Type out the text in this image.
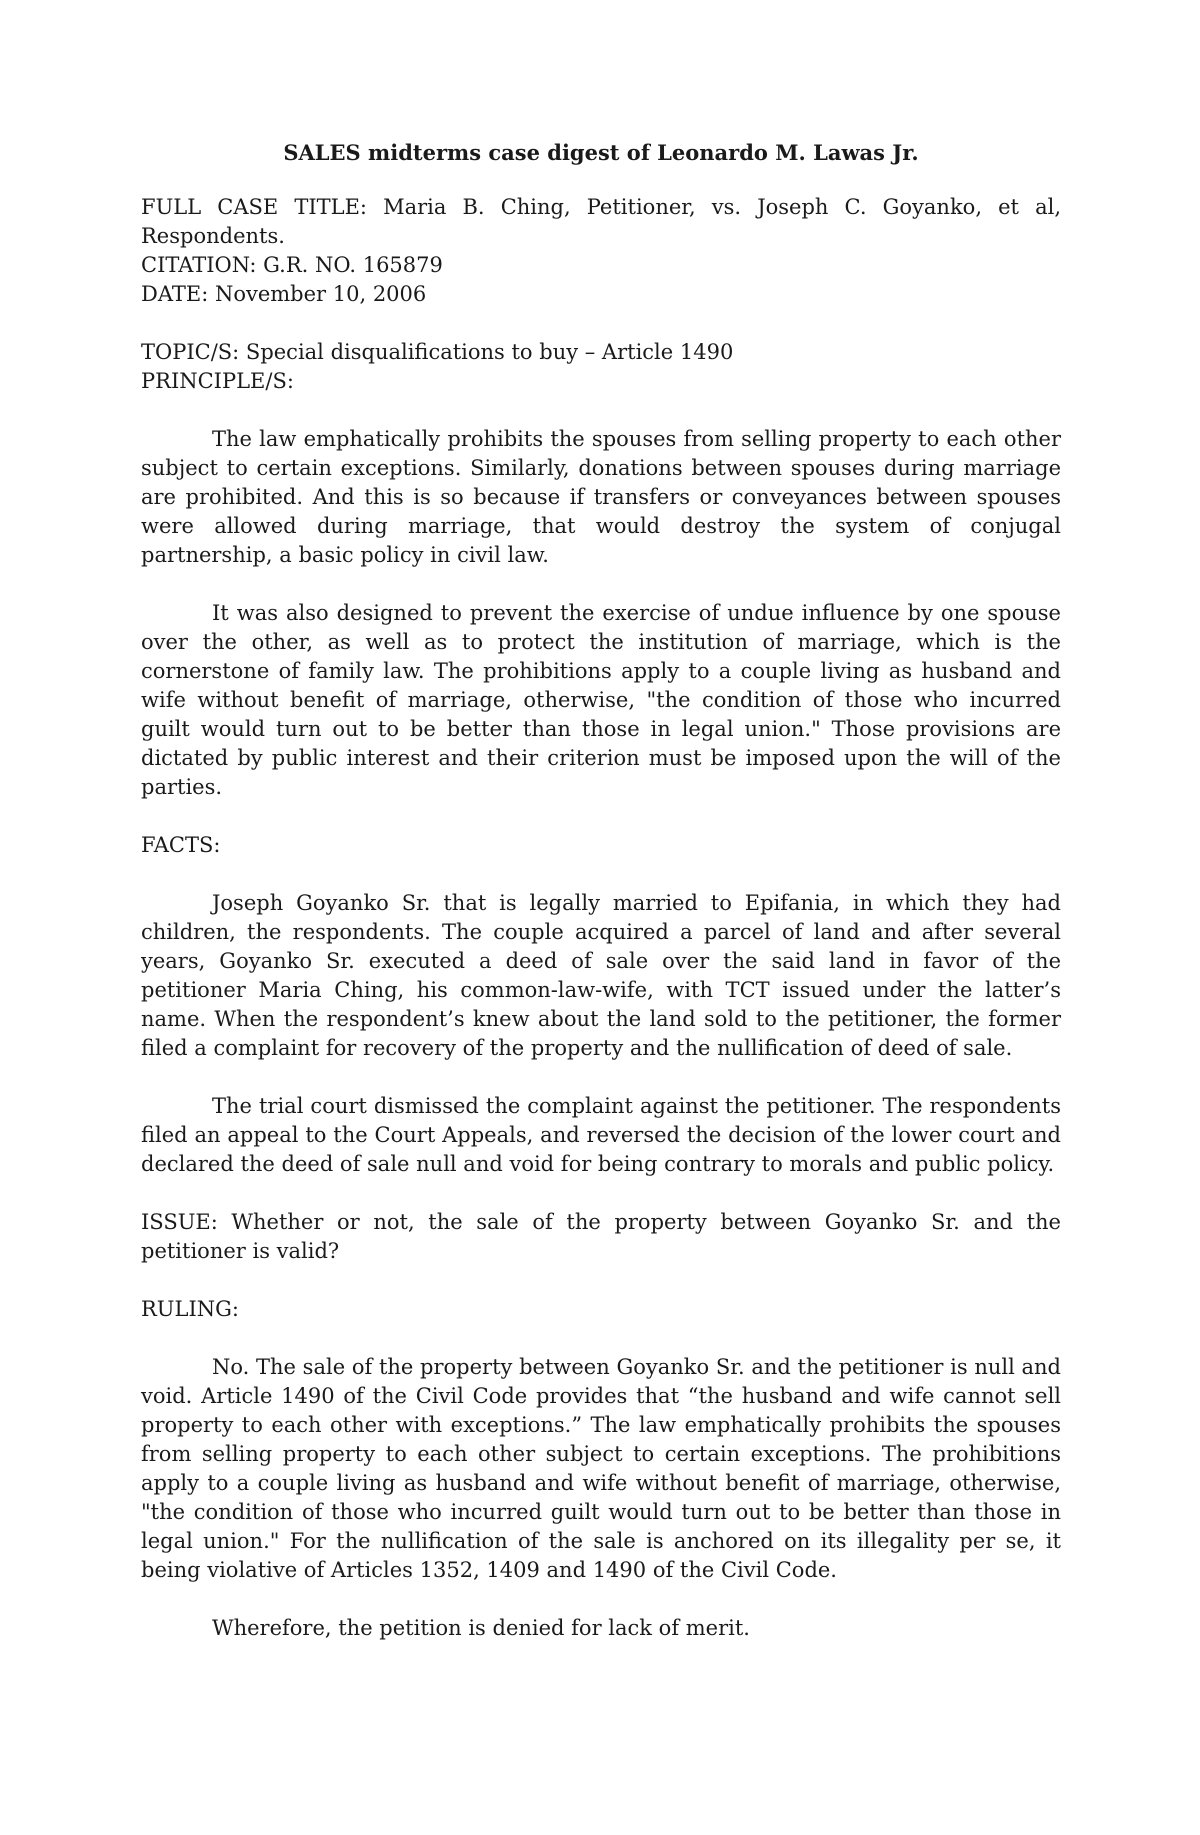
SALES midterms case digest of Leonardo M. Lawas Jr.

FULL CASE TITLE: Maria B. Ching, Petitioner, vs. Joseph C. Goyanko, et al, Respondents.

CITATION: G.R. NO. 165879

DATE: November 10, 2006

TOPIC/S: Special disqualifications to buy – Article 1490

PRINCIPLE/S:

The law emphatically prohibits the spouses from selling property to each other subject to certain exceptions. Similarly, donations between spouses during marriage are prohibited. And this is so because if transfers or conveyances between spouses were allowed during marriage, that would destroy the system of conjugal partnership, a basic policy in civil law.

It was also designed to prevent the exercise of undue influence by one spouse over the other, as well as to protect the institution of marriage, which is the cornerstone of family law. The prohibitions apply to a couple living as husband and wife without benefit of marriage, otherwise, "the condition of those who incurred guilt would turn out to be better than those in legal union." Those provisions are dictated by public interest and their criterion must be imposed upon the will of the parties.

FACTS:

Joseph Goyanko Sr. that is legally married to Epifania, in which they had children, the respondents. The couple acquired a parcel of land and after several years, Goyanko Sr. executed a deed of sale over the said land in favor of the petitioner Maria Ching, his common-law-wife, with TCT issued under the latter’s name. When the respondent’s knew about the land sold to the petitioner, the former filed a complaint for recovery of the property and the nullification of deed of sale.

The trial court dismissed the complaint against the petitioner. The respondents filed an appeal to the Court Appeals, and reversed the decision of the lower court and declared the deed of sale null and void for being contrary to morals and public policy.

ISSUE: Whether or not, the sale of the property between Goyanko Sr. and the petitioner is valid?

RULING:

No. The sale of the property between Goyanko Sr. and the petitioner is null and void. Article 1490 of the Civil Code provides that “the husband and wife cannot sell property to each other with exceptions.” The law emphatically prohibits the spouses from selling property to each other subject to certain exceptions. The prohibitions apply to a couple living as husband and wife without benefit of marriage, otherwise, "the condition of those who incurred guilt would turn out to be better than those in legal union." For the nullification of the sale is anchored on its illegality per se, it being violative of Articles 1352, 1409 and 1490 of the Civil Code.

Wherefore, the petition is denied for lack of merit.
